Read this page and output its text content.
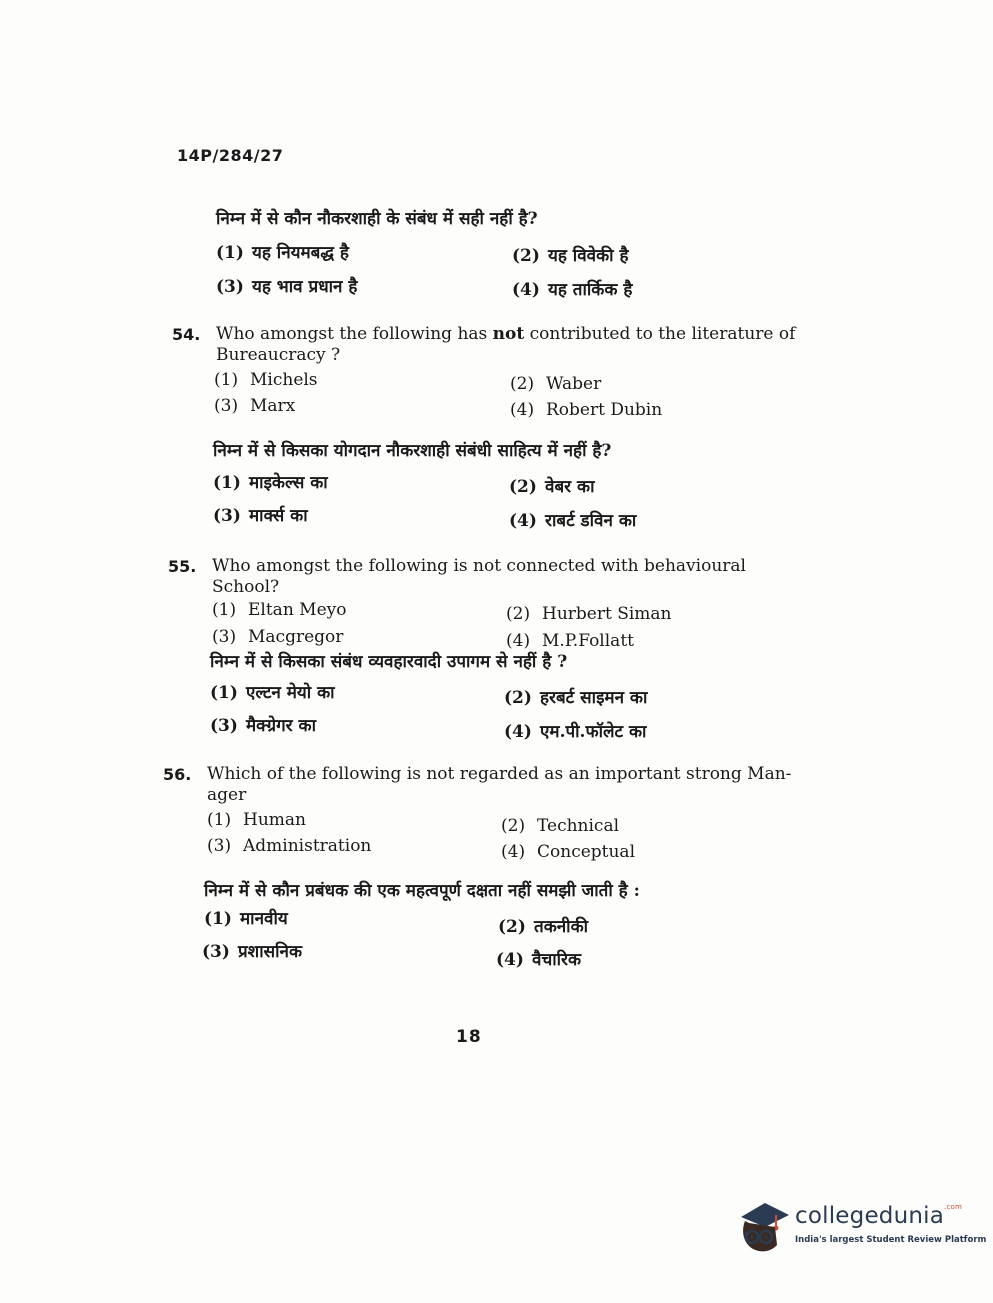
14P/284/27
निम्न में से कौन नौकरशाही के संबंध में सही नहीं है?
(1) यह नियमबद्ध है	(2) यह विवेकी है
(3) यह भाव प्रधान है	(4) यह तार्किक है
54. Who amongst the following has not contributed to the literature of Bureaucracy ?
(1) Michels	(2) Waber
(3) Marx	(4) Robert Dubin
निम्न में से किसका योगदान नौकरशाही संबंधी साहित्य में नहीं है?
(1) माइकेल्स का	(2) वेबर का
(3) मार्क्स का	(4) राबर्ट डविन का
55. Who amongst the following is not connected with behavioural School?
(1) Eltan Meyo	(2) Hurbert Siman
(3) Macgregor	(4) M.P.Follatt
निम्न में से किसका संबंध व्यवहारवादी उपागम से नहीं है ?
(1) एल्टन मेयो का	(2) हरबर्ट साइमन का
(3) मैक्ग्रेगर का	(4) एम.पी.फॉलेट का
56. Which of the following is not regarded as an important strong Man-ager
(1) Human	(2) Technical
(3) Administration	(4) Conceptual
निम्न में से कौन प्रबंधक की एक महत्वपूर्ण दक्षता नहीं समझी जाती है :
(1) मानवीय	(2) तकनीकी
(3) प्रशासनिक	(4) वैचारिक
18
collegedunia$^{.com}$
India's largest Student Review Platform
